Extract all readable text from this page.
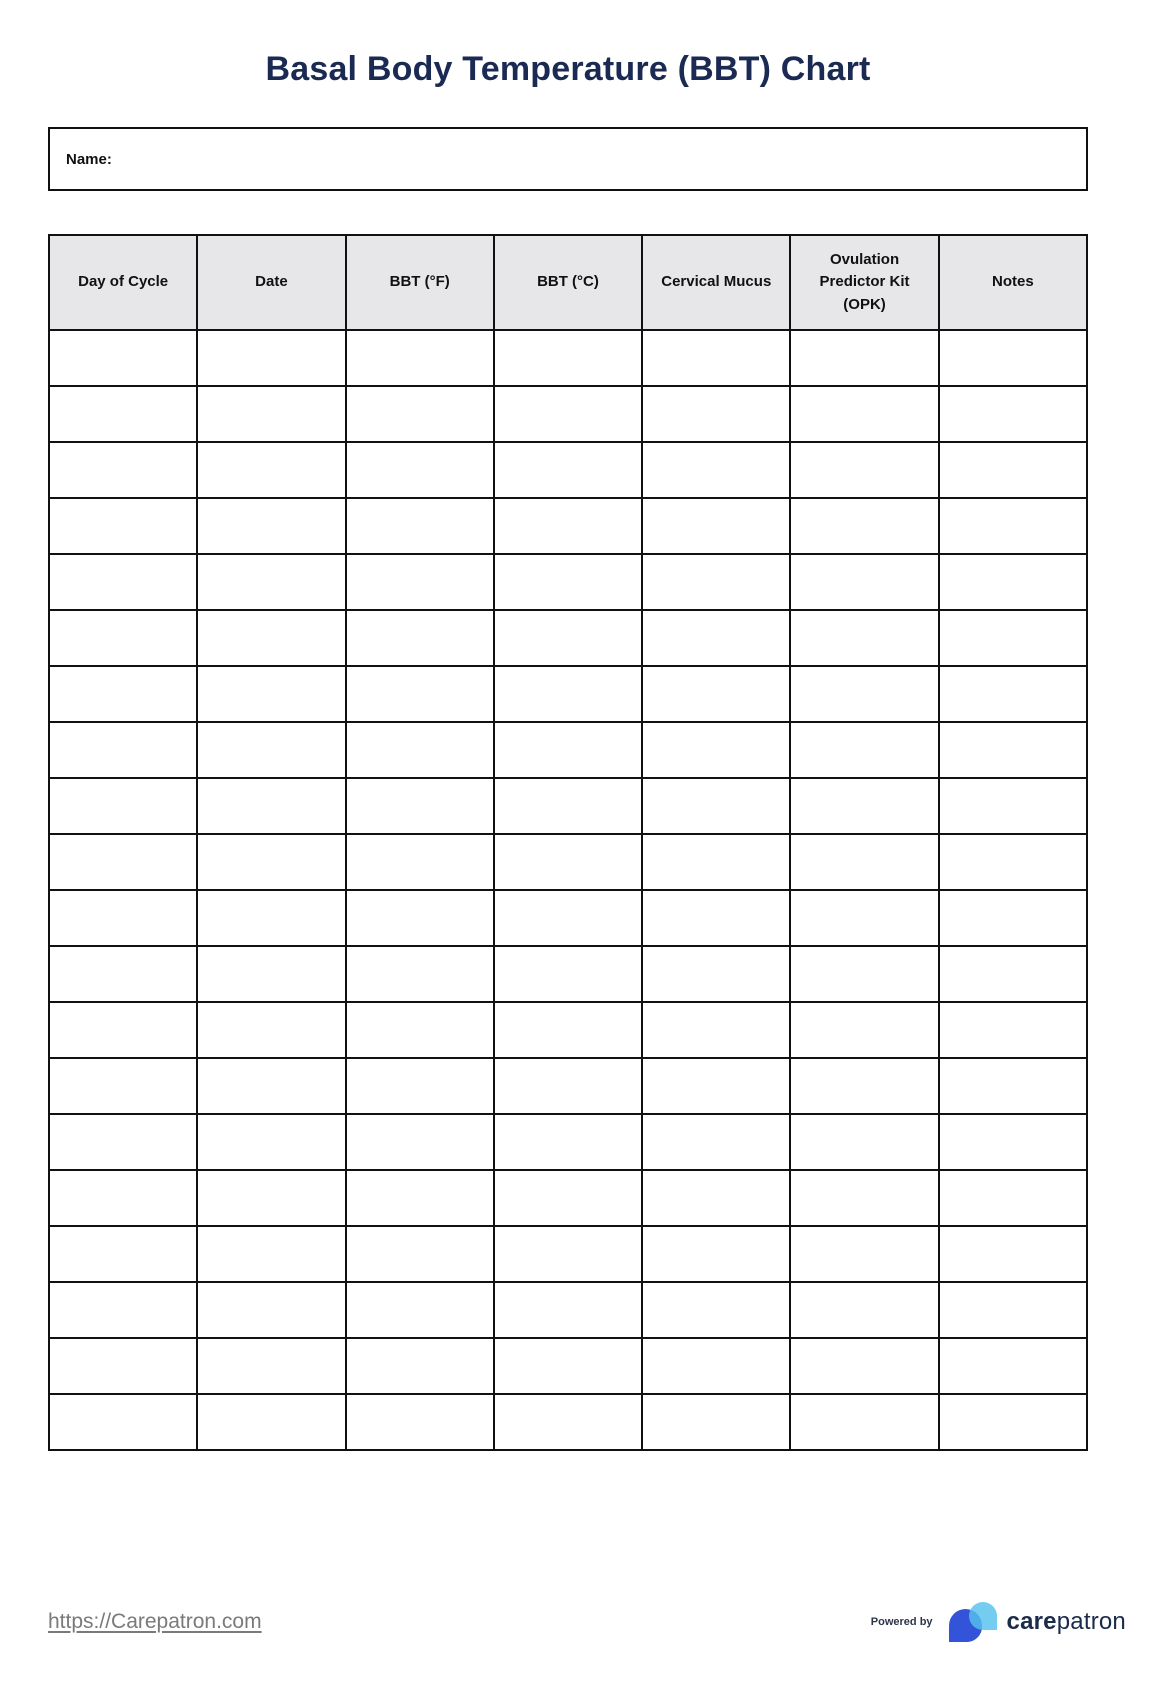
Basal Body Temperature (BBT) Chart
Name:
Day of Cycle	Date	BBT (°F)	BBT (°C)	Cervical Mucus	Ovulation Predictor Kit (OPK)	Notes

https://Carepatron.com	Powered by	carepatron
